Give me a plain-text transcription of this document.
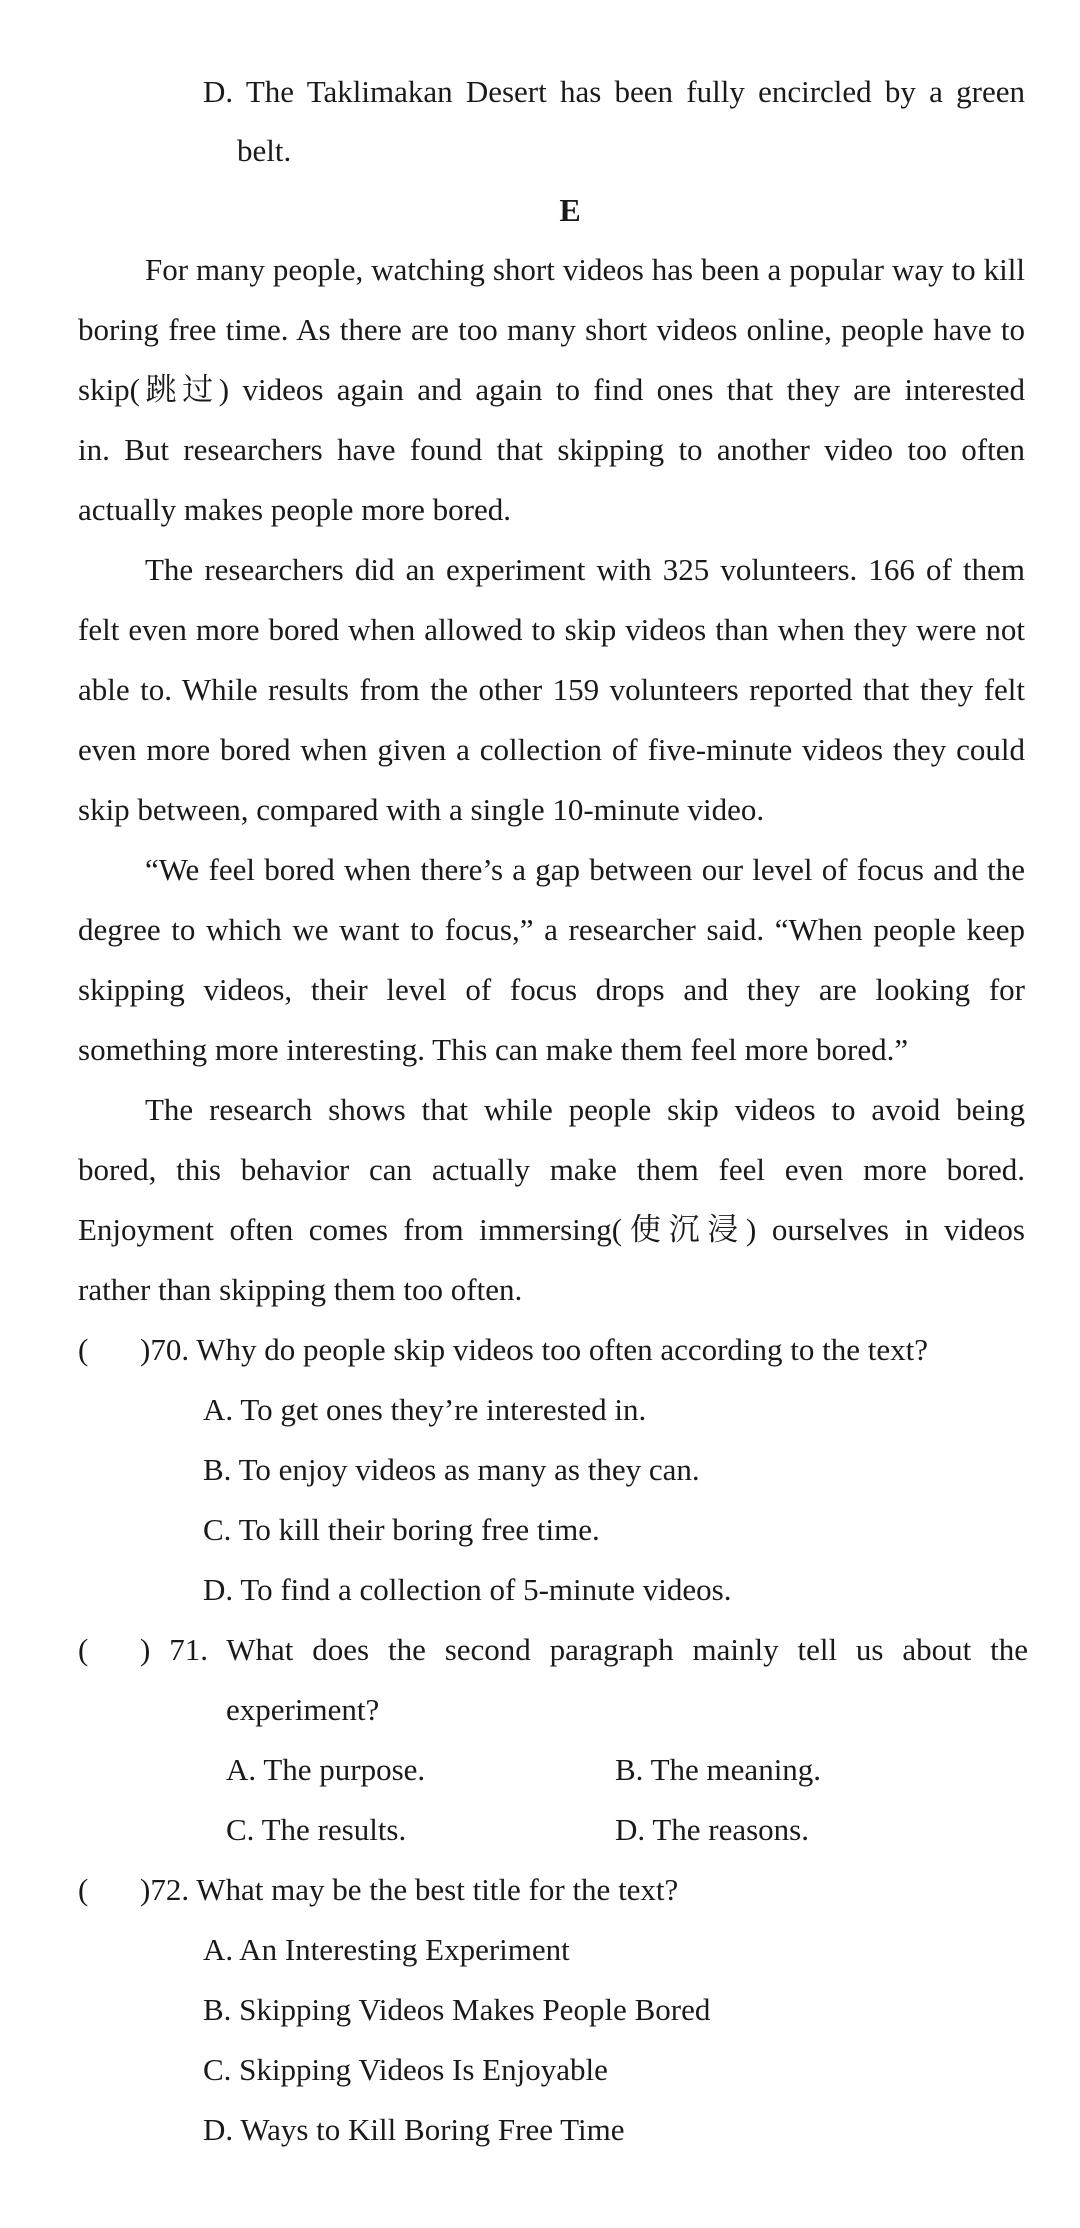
D. The Taklimakan Desert has been fully encircled by a green
belt.
E
For many people, watching short videos has been a popular way to kill
boring free time. As there are too many short videos online, people have to
skip(跳过) videos again and again to find ones that they are interested
in. But researchers have found that skipping to another video too often
actually makes people more bored.
The researchers did an experiment with 325 volunteers. 166 of them
felt even more bored when allowed to skip videos than when they were not
able to. While results from the other 159 volunteers reported that they felt
even more bored when given a collection of five-minute videos they could
skip between, compared with a single 10-minute video.
“We feel bored when there’s a gap between our level of focus and the
degree to which we want to focus,” a researcher said. “When people keep
skipping videos, their level of focus drops and they are looking for
something more interesting. This can make them feel more bored.”
The research shows that while people skip videos to avoid being
bored, this behavior can actually make them feel even more bored.
Enjoyment often comes from immersing(使沉浸) ourselves in videos
rather than skipping them too often.
( )70. Why do people skip videos too often according to the text?
A. To get ones they’re interested in.
B. To enjoy videos as many as they can.
C. To kill their boring free time.
D. To find a collection of 5-minute videos.
( ) 71. What does the second paragraph mainly tell us about the
experiment?
A. The purpose.	B. The meaning.
C. The results.	D. The reasons.
( )72. What may be the best title for the text?
A. An Interesting Experiment
B. Skipping Videos Makes People Bored
C. Skipping Videos Is Enjoyable
D. Ways to Kill Boring Free Time
